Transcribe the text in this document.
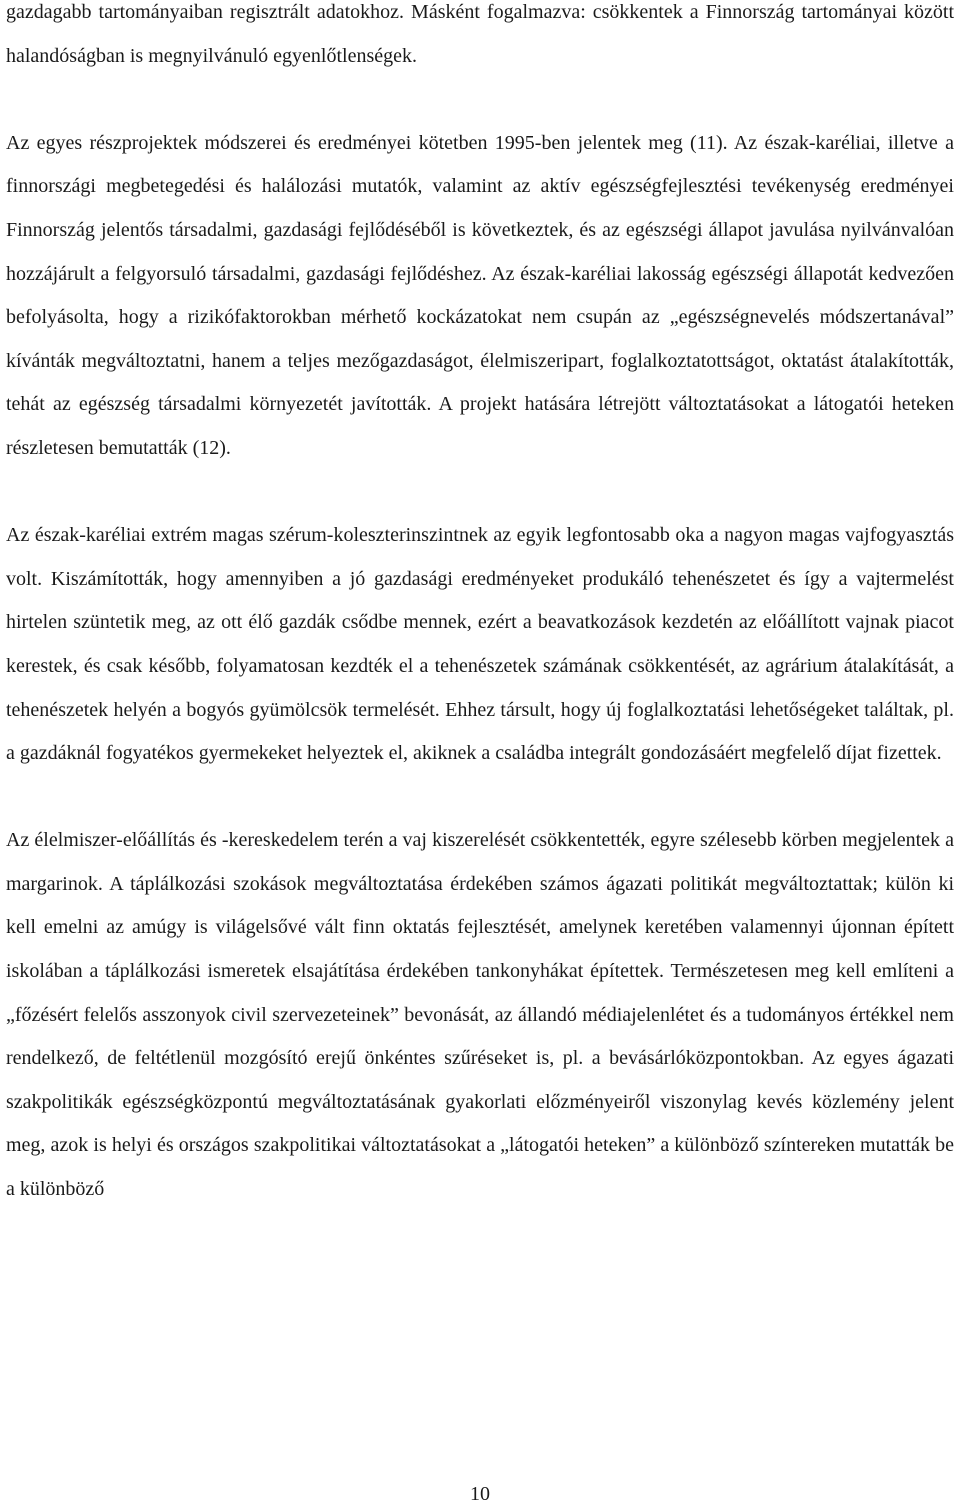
gazdagabb tartományaiban regisztrált adatokhoz. Másként fogalmazva: csökkentek a Finnország tartományai között halandóságban is megnyilvánuló egyenlőtlenségek.

Az egyes részprojektek módszerei és eredményei kötetben 1995-ben jelentek meg (11). Az észak-karéliai, illetve a finnországi megbetegedési és halálozási mutatók, valamint az aktív egészségfejlesztési tevékenység eredményei Finnország jelentős társadalmi, gazdasági fejlődéséből is következtek, és az egészségi állapot javulása nyilvánvalóan hozzájárult a felgyorsuló társadalmi, gazdasági fejlődéshez. Az észak-karéliai lakosság egészségi állapotát kedvezően befolyásolta, hogy a rizikófaktorokban mérhető kockázatokat nem csupán az „egészségnevelés módszertanával” kívánták megváltoztatni, hanem a teljes mezőgazdaságot, élelmiszeripart, foglalkoztatottságot, oktatást átalakították, tehát az egészség társadalmi környezetét javították. A projekt hatására létrejött változtatásokat a látogatói heteken részletesen bemutatták (12).

Az észak-karéliai extrém magas szérum-koleszterinszintnek az egyik legfontosabb oka a nagyon magas vajfogyasztás volt. Kiszámították, hogy amennyiben a jó gazdasági eredményeket produkáló tehenészetet és így a vajtermelést hirtelen szüntetik meg, az ott élő gazdák csődbe mennek, ezért a beavatkozások kezdetén az előállított vajnak piacot kerestek, és csak később, folyamatosan kezdték el a tehenészetek számának csökkentését, az agrárium átalakítását, a tehenészetek helyén a bogyós gyümölcsök termelését. Ehhez társult, hogy új foglalkoztatási lehetőségeket találtak, pl. a gazdáknál fogyatékos gyermekeket helyeztek el, akiknek a családba integrált gondozásáért megfelelő díjat fizettek.

Az élelmiszer-előállítás és -kereskedelem terén a vaj kiszerelését csökkentették, egyre szélesebb körben megjelentek a margarinok. A táplálkozási szokások megváltoztatása érdekében számos ágazati politikát megváltoztattak; külön ki kell emelni az amúgy is világelsővé vált finn oktatás fejlesztését, amelynek keretében valamennyi újonnan épített iskolában a táplálkozási ismeretek elsajátítása érdekében tankonyhákat építettek. Természetesen meg kell említeni a „főzésért felelős asszonyok civil szervezeteinek” bevonását, az állandó médiajelenlétet és a tudományos értékkel nem rendelkező, de feltétlenül mozgósító erejű önkéntes szűréseket is, pl. a bevásárlóközpontokban. Az egyes ágazati szakpolitikák egészségközpontú megváltoztatásának gyakorlati előzményeiről viszonylag kevés közlemény jelent meg, azok is helyi és országos szakpolitikai változtatásokat a „látogatói heteken” a különböző színtereken mutatták be a különböző

10
